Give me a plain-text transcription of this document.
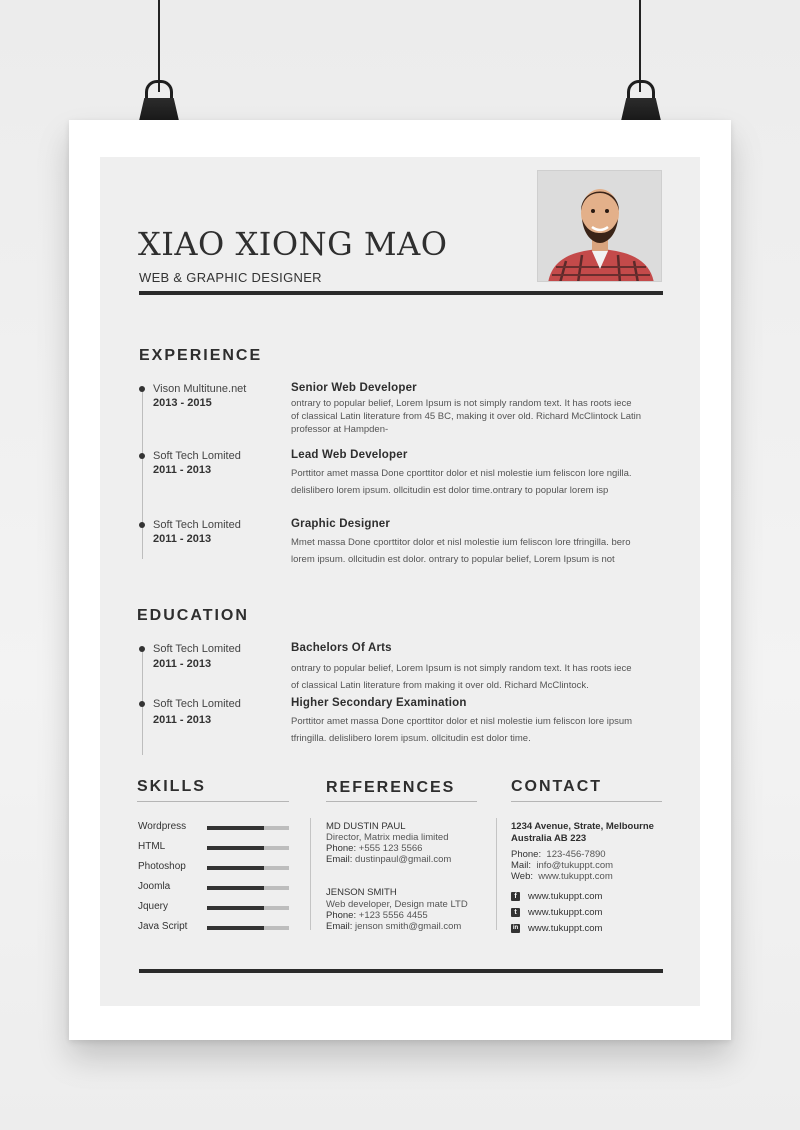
XIAO XIONG MAO
WEB & GRAPHIC DESIGNER
EXPERIENCE
Vison Multitune.net
2013 - 2015
Senior Web Developer
ontrary to popular belief, Lorem Ipsum is not simply random text. It has roots iece
of classical Latin literature from 45 BC, making it over old. Richard McClintock Latin
professor at Hampden-
Soft Tech Lomited
2011 - 2013
Lead Web Developer
Porttitor amet massa Done cporttitor dolor et nisl molestie ium feliscon lore ngilla.
delislibero lorem ipsum. ollcitudin est dolor time.ontrary to popular lorem isp
Soft Tech Lomited
2011 - 2013
Graphic Designer
Mmet massa Done cporttitor dolor et nisl molestie ium feliscon lore tfringilla. bero
lorem ipsum. ollcitudin est dolor. ontrary to popular belief, Lorem Ipsum is not
EDUCATION
Soft Tech Lomited
2011 - 2013
Bachelors Of Arts
ontrary to popular belief, Lorem Ipsum is not simply random text. It has roots iece
of classical Latin literature from making it over old. Richard McClintock.
Soft Tech Lomited
2011 - 2013
Higher Secondary Examination
Porttitor amet massa Done cporttitor dolor et nisl molestie ium feliscon lore ipsum
tfringilla. delislibero lorem ipsum. ollcitudin est dolor time.
SKILLS
Wordpress
HTML
Photoshop
Joomla
Jquery
Java Script
REFERENCES
MD DUSTIN PAUL
Director, Matrix media limited
Phone: +555 123 5566
Email: dustinpaul@gmail.com
JENSON SMITH
Web developer, Design mate LTD
Phone: +123 5556 4455
Email: jenson smith@gmail.com
CONTACT
1234 Avenue, Strate, Melbourne
Australia AB 223
Phone: 123-456-7890
Mail: info@tukuppt.com
Web: www.tukuppt.com
f	www.tukuppt.com
t	www.tukuppt.com
in www.tukuppt.com
